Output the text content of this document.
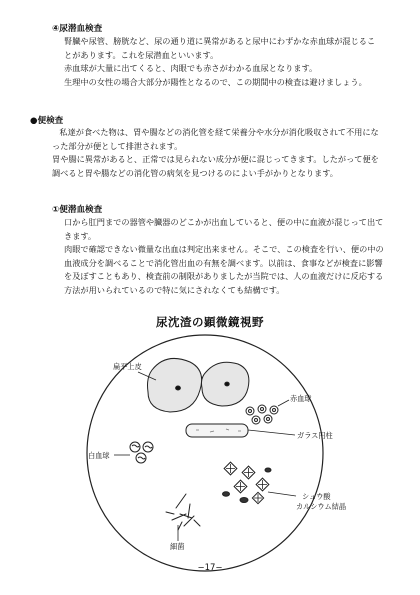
④尿潜血検査

腎臓や尿管、膀胱など、尿の通り道に異常があると尿中にわずかな赤血球が混じることがあります。これを尿潜血といいます。

赤血球が大量に出てくると、肉眼でも赤さがわかる血尿となります。

生理中の女性の場合大部分が陽性となるので、この期間中の検査は避けましょう。

●便検査

私達が食べた物は、胃や腸などの消化管を経て栄養分や水分が消化吸収されて不用になった部分が便として排泄されます。

胃や腸に異常があると、正常では見られない成分が便に混じってきます。したがって便を調べると胃や腸などの消化管の病気を見つけるのによい手がかりとなります。

①便潜血検査

口から肛門までの器管や臓器のどこかが出血していると、便の中に血液が混じって出てきます。

肉眼で確認できない微量な出血は判定出来ません。そこで、この検査を行い、便の中の血液成分を調べることで消化管出血の有無を調べます。以前は、食事などが検査に影響を及ぼすこともあり、検査前の制限がありましたが当院では、人の血液だけに反応する方法が用いられているので特に気にされなくても結構です。

尿沈渣の顕微鏡視野
扁平上皮
赤血球
ガラス円柱
白血球
シュウ酸
カルシウム結晶
細菌
−17−
